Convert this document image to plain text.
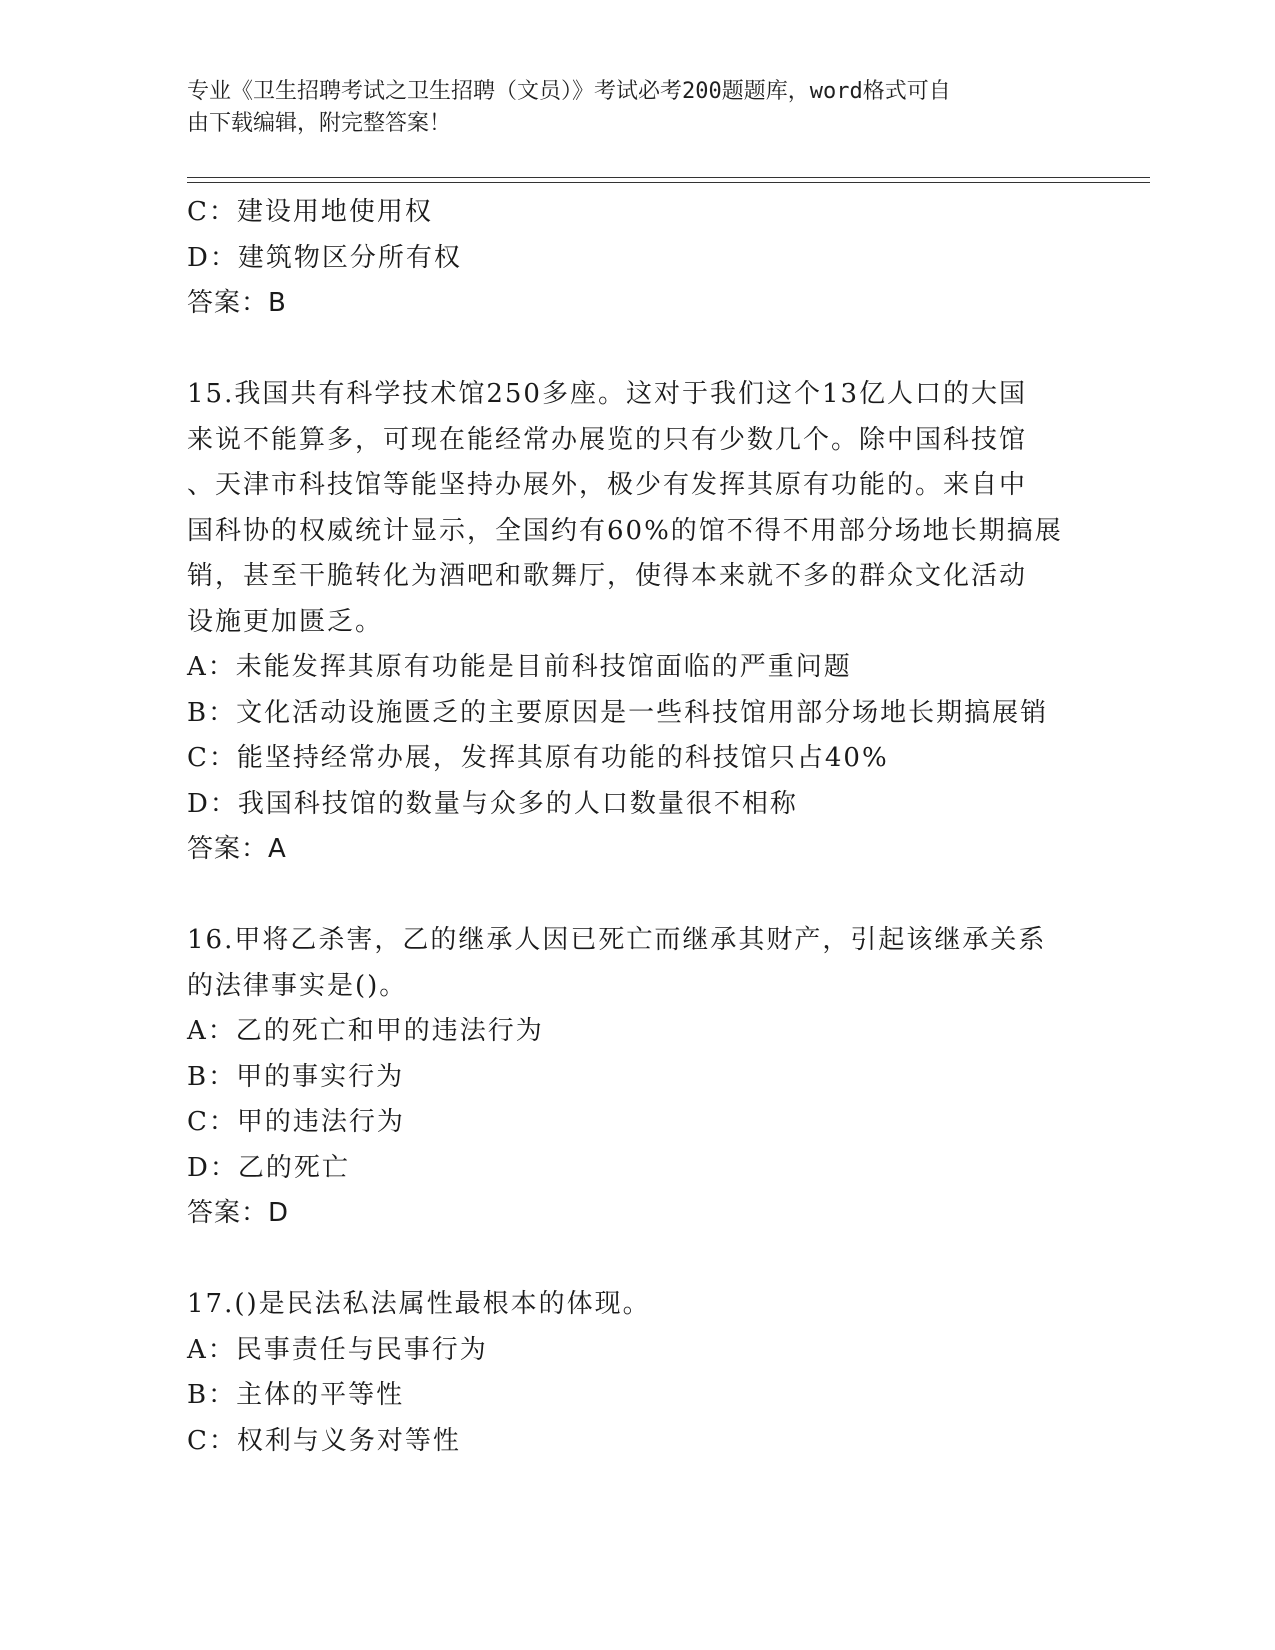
专业《卫生招聘考试之卫生招聘（文员）》考试必考200题题库，word格式可自
由下载编辑，附完整答案！
C：建设用地使用权
D：建筑物区分所有权
答案：B
15.我国共有科学技术馆250多座。这对于我们这个13亿人口的大国
来说不能算多，可现在能经常办展览的只有少数几个。除中国科技馆
、天津市科技馆等能坚持办展外，极少有发挥其原有功能的。来自中
国科协的权威统计显示，全国约有60%的馆不得不用部分场地长期搞展
销，甚至干脆转化为酒吧和歌舞厅，使得本来就不多的群众文化活动
设施更加匮乏。
A：未能发挥其原有功能是目前科技馆面临的严重问题
B：文化活动设施匮乏的主要原因是一些科技馆用部分场地长期搞展销
C：能坚持经常办展，发挥其原有功能的科技馆只占40%
D：我国科技馆的数量与众多的人口数量很不相称
答案：A
16.甲将乙杀害，乙的继承人因已死亡而继承其财产，引起该继承关系
的法律事实是()。
A：乙的死亡和甲的违法行为
B：甲的事实行为
C：甲的违法行为
D：乙的死亡
答案：D
17.()是民法私法属性最根本的体现。
A：民事责任与民事行为
B：主体的平等性
C：权利与义务对等性
